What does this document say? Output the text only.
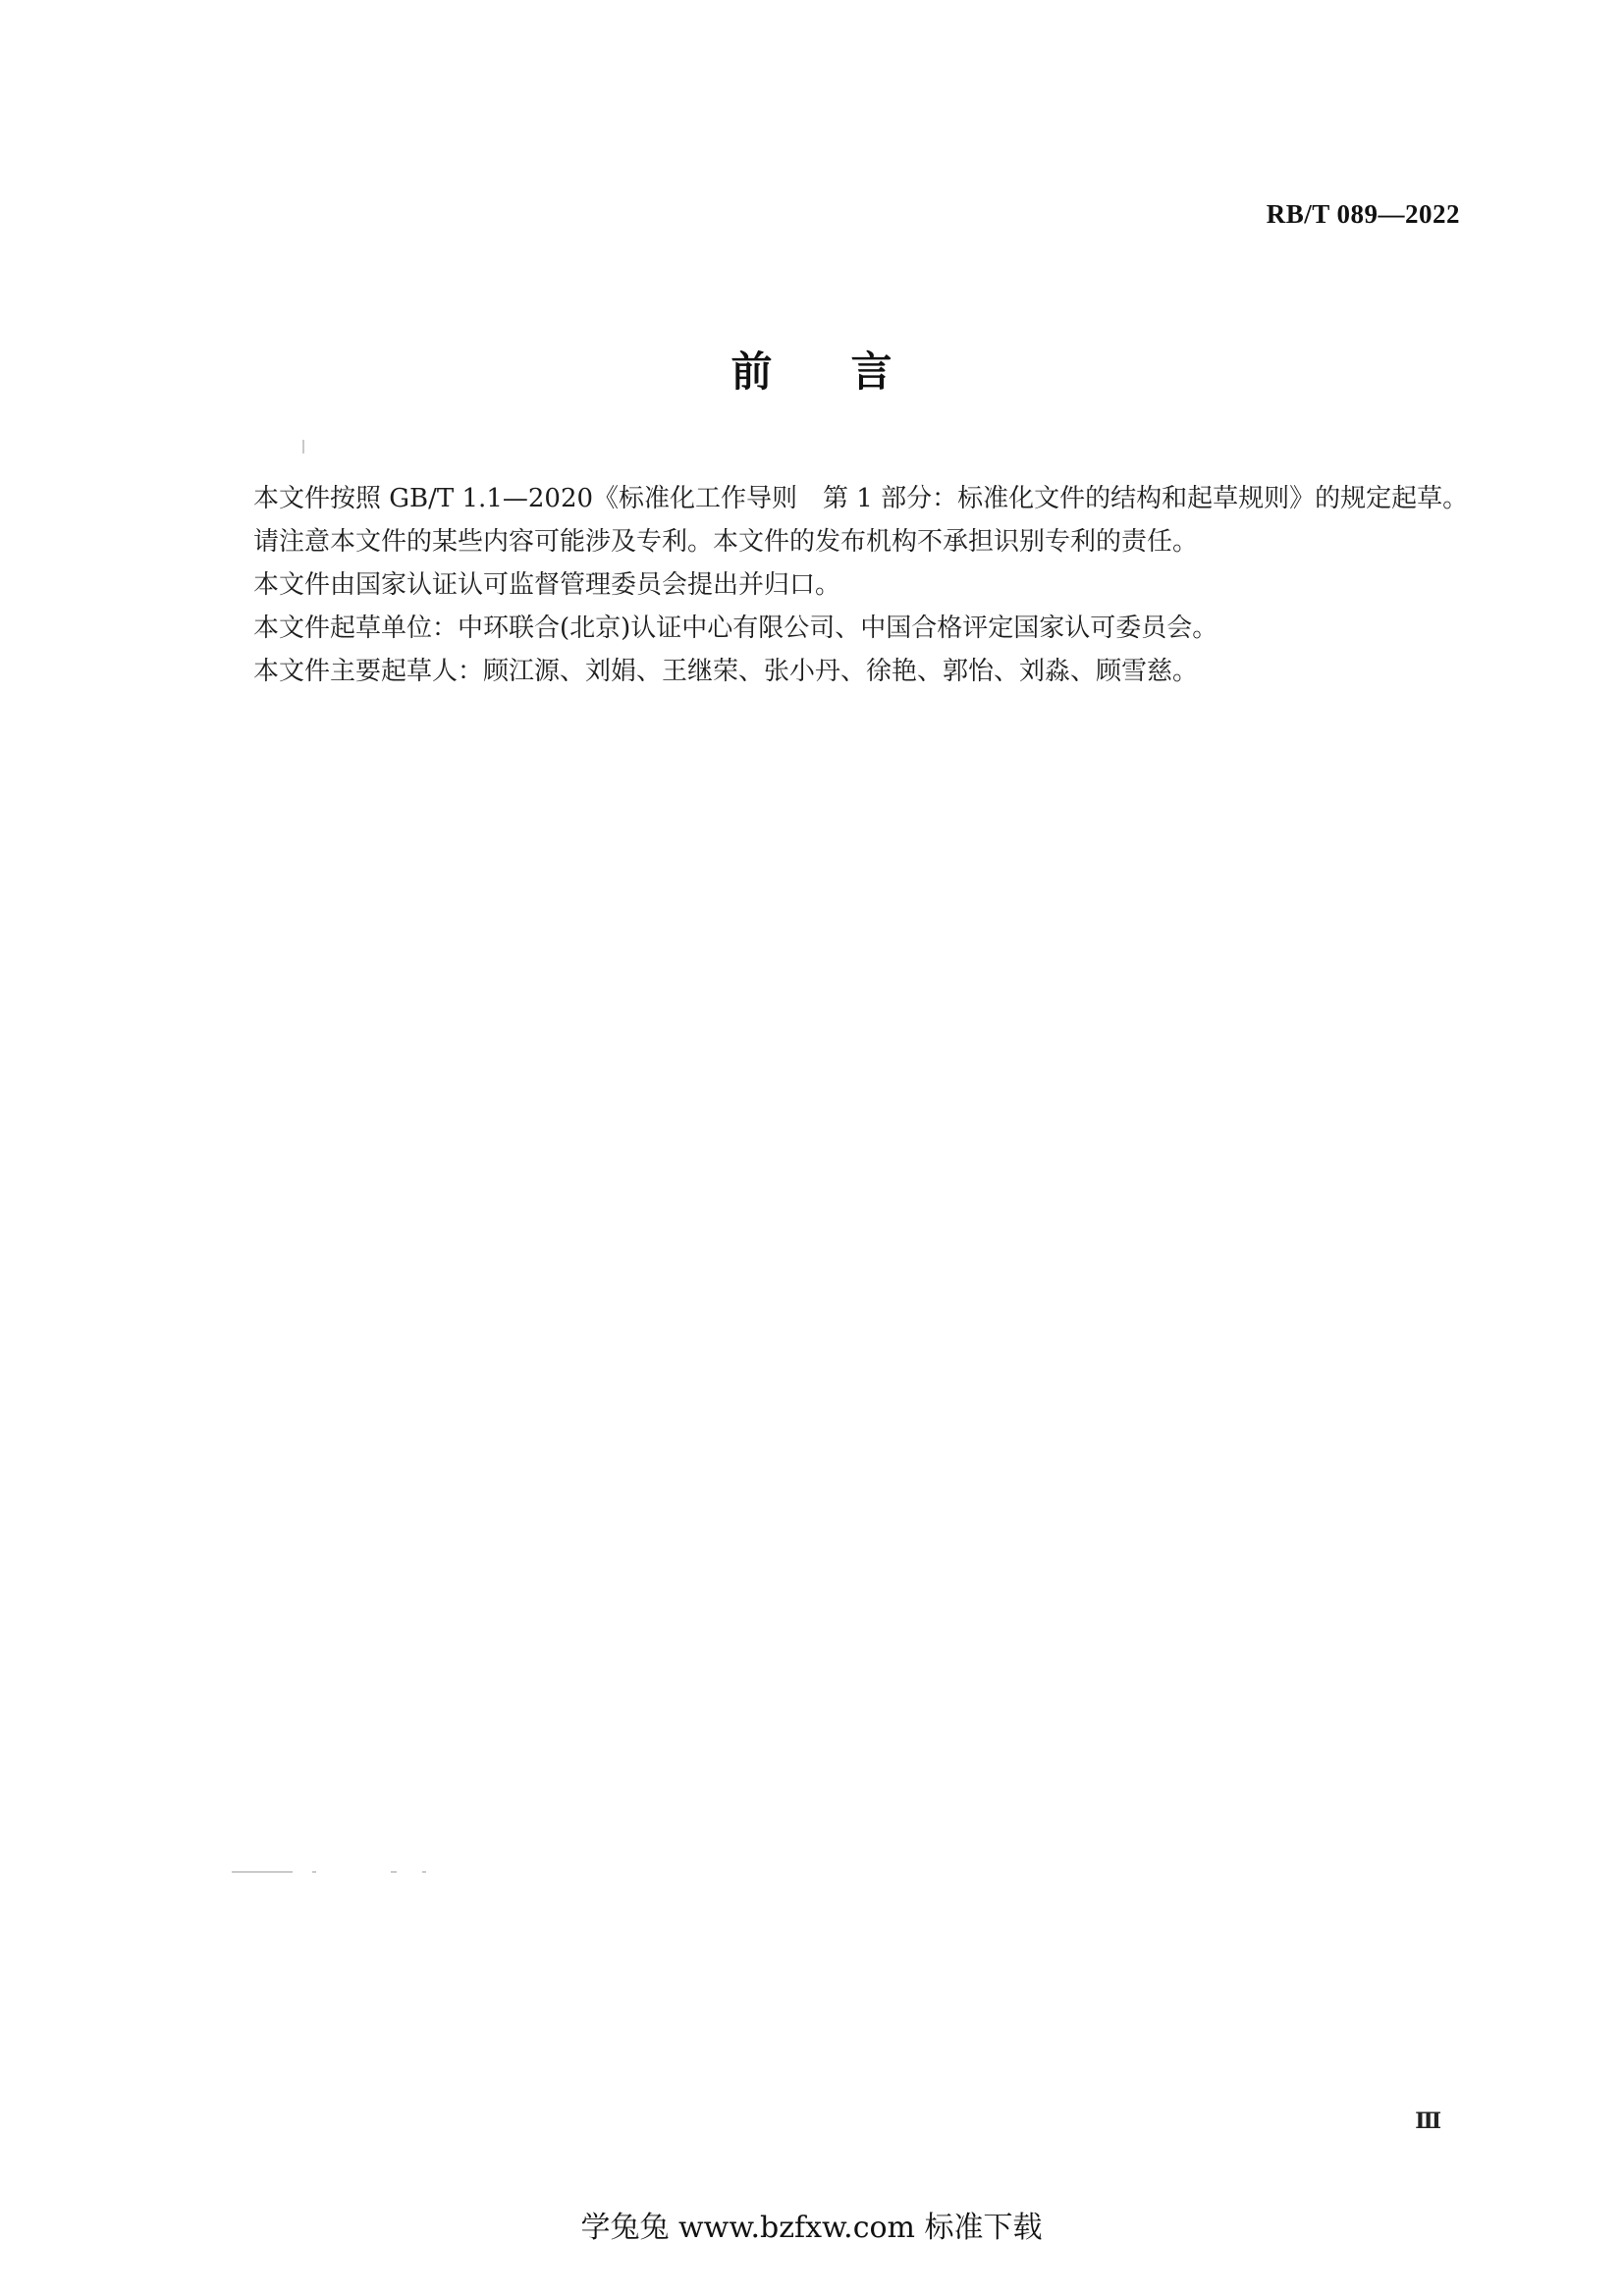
RB/T 089—2022
前言

本文件按照 GB/T 1.1—2020《标准化工作导则　第 1 部分：标准化文件的结构和起草规则》的规定起草。

请注意本文件的某些内容可能涉及专利。本文件的发布机构不承担识别专利的责任。

本文件由国家认证认可监督管理委员会提出并归口。

本文件起草单位：中环联合(北京)认证中心有限公司、中国合格评定国家认可委员会。

本文件主要起草人：顾江源、刘娟、王继荣、张小丹、徐艳、郭怡、刘淼、顾雪慈。

Ⅲ
学兔兔 www.bzfxw.com 标准下载
